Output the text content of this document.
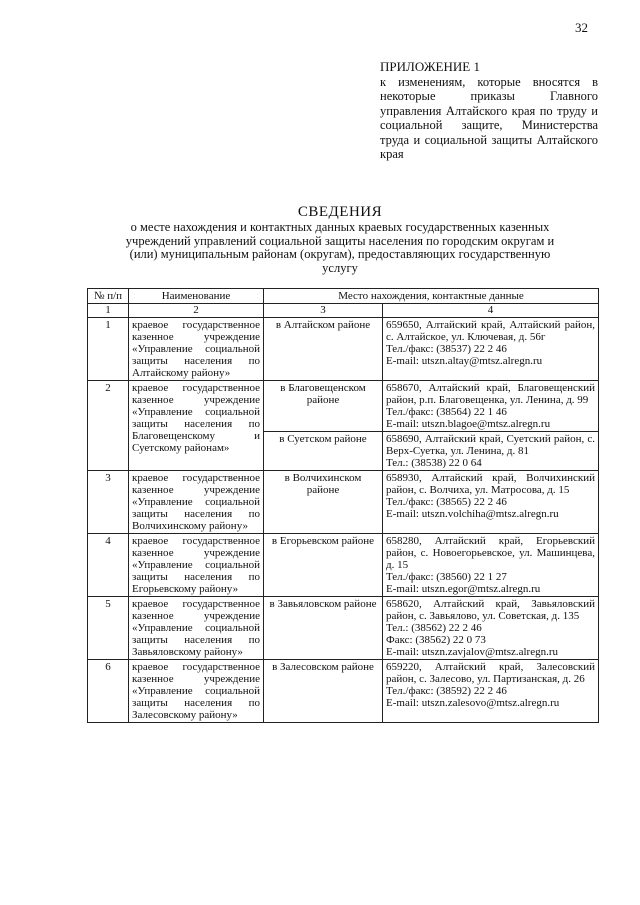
32
ПРИЛОЖЕНИЕ 1
к изменениям, которые вносятся в некоторые приказы Главного управления Алтайского края по труду и социальной защите, Министерства труда и социальной защиты Алтайского края
СВЕДЕНИЯ
о месте нахождения и контактных данных краевых государственных казенных учреждений управлений социальной защиты населения по городским округам и (или) муниципальным районам (округам), предоставляющих государственную услугу
№ п/п	Наименование	Место нахождения, контактные данные	
1	2	3	4
1	краевое государственное казенное учреждение «Управление социальной защиты населения по Алтайскому району»	в Алтайском районе	659650, Алтайский край, Алтайский район, с. Алтайское, ул. Ключевая, д. 56г
Тел./факс: (38537) 22 2 46
E-mail: utszn.altay@mtsz.alregn.ru

2	краевое государственное казенное учреждение «Управление социальной защиты населения по Благовещенскому и Суетскому районам»	в Благовещенском районе	658670, Алтайский край, Благовещенский район, р.п. Благовещенка, ул. Ленина, д. 99
Тел./факс: (38564) 22 1 46
E-mail: utszn.blagoe@mtsz.alregn.ru

		в Суетском районе	658690, Алтайский край, Суетский район, с. Верх-Суетка, ул. Ленина, д. 81
Тел.: (38538) 22 0 64

3	краевое государственное казенное учреждение «Управление социальной защиты населения по Волчихинскому району»	в Волчихинском районе	658930, Алтайский край, Волчихинский район, с. Волчиха, ул. Матросова, д. 15
Тел./факс: (38565) 22 2 46
E-mail: utszn.volchiha@mtsz.alregn.ru

4	краевое государственное казенное учреждение «Управление социальной защиты населения по Егорьевскому району»	в Егорьевском районе	658280, Алтайский край, Егорьевский район, с. Новоегорьевское, ул. Машинцева, д. 15
Тел./факс: (38560) 22 1 27
E-mail: utszn.egor@mtsz.alregn.ru

5	краевое государственное казенное учреждение «Управление социальной защиты населения по Завьяловскому району»	в Завьяловском районе	658620, Алтайский край, Завьяловский район, с. Завьялово, ул. Советская, д. 135
Тел.: (38562) 22 2 46
Факс: (38562) 22 0 73
E-mail: utszn.zavjalov@mtsz.alregn.ru

6	краевое государственное казенное учреждение «Управление социальной защиты населения по Залесовскому району»	в Залесовском районе	659220, Алтайский край, Залесовский район, с. Залесово, ул. Партизанская, д. 26
Тел./факс: (38592) 22 2 46
E-mail: utszn.zalesovo@mtsz.alregn.ru
